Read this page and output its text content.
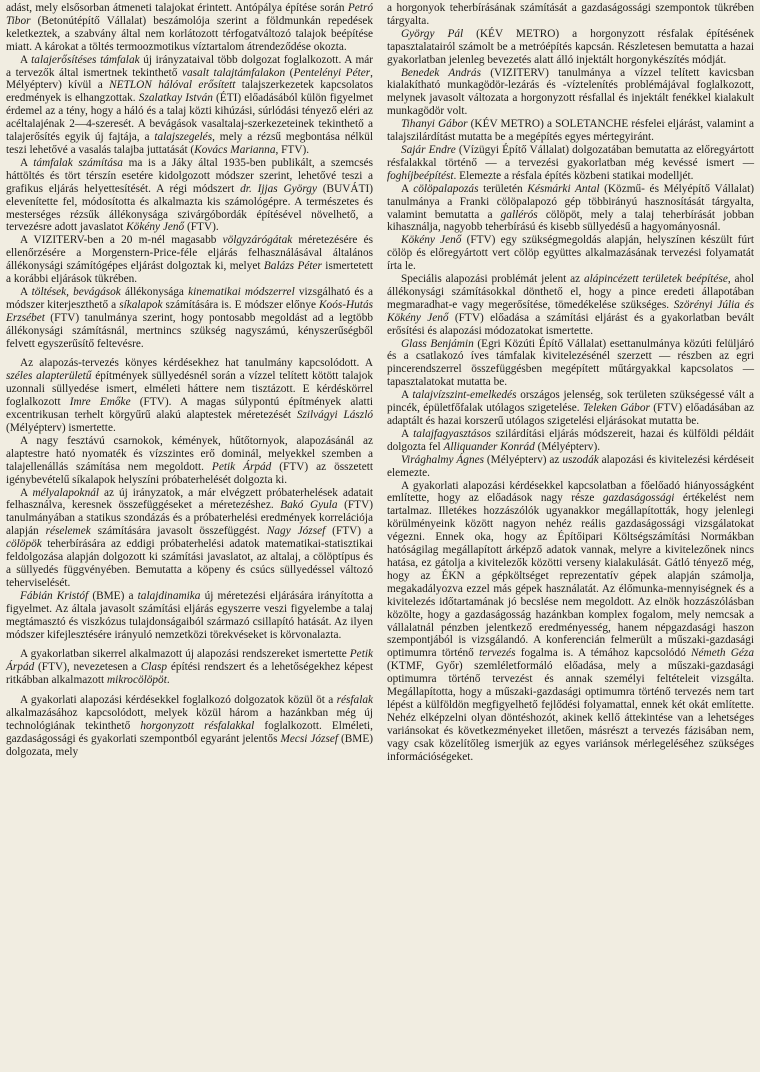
adást, mely elsősorban átmeneti talajokat érintett. Antópályа építése során Petró Tibor (Betonútépítő Vállalat) beszámolója szerint a földmunkán repedések keletkeztek, a szabvány által nem korlátozott térfogatváltozó talajok beépítése miatt. A károkat a töltés termoozmotikus víztartalom átrendeződése okozta.

A talajerősítéses támfalak új irányzataival több dolgozat foglalkozott. A már a tervezők által ismertnek tekinthető vasalt talajtámfalakon (Pentelényi Péter, Mélyépterv) kívül a NETLON hálóval erősített talajszerkezetek kapcsolatos eredmények is elhangzottak. Szalatkay István (ÉTI) előadásából külön figyelmet érdemel az a tény, hogy a háló és a talaj közti kihúzási, súrlódási tényező eléri az acéltalajénak 2—4-szeresét. A bevágások vasaltalaj-szerkezeteinek tekinthető a talajerősítés egyik új fajtája, a talajszegelés, mely a rézsű megbontása nélkül teszi lehetővé a vasalás talajba juttatását (Kovács Marianna, FTV).

A támfalak számítása ma is a Jáky által 1935-ben publikált, a szemcsés háttöltés és tört térszín esetére kidolgozott módszer szerint, lehetővé teszi a grafikus eljárás helyettesítését. A régi módszert dr. Ijjas György (BUVÁTI) elevenítette fel, módosította és alkalmazta kis számológépre. A természetes és mesterséges rézsűk állékonysága szivárgóbordák építésével növelhető, a tervezésre adott javaslatot Kökény Jenő (FTV).

A VIZITERV-ben a 20 m-nél magasabb völgyzárógátak méretezésére és ellenőrzésére a Morgenstern-Price-féle eljárás felhasználásával általános állékonysági számítógépes eljárást dolgoztak ki, melyet Balázs Péter ismertetett a korábbi eljárások tükrében.

A töltések, bevágások állékonysága kinematikai módszerrel vizsgálható és a módszer kiterjeszthető a síkalapok számítására is. E módszer előnye Koós-Hutás Erzsébet (FTV) tanulmánya szerint, hogy pontosabb megoldást ad a legtöbb állékonysági számításnál, mertnincs szükség nagyszámú, kényszerűségből felvett egyszerűsítő feltevésre.

Az alapozás-tervezés könyes kérdésekhez hat tanulmány kapcsolódott. A széles alapterületű építmények süllyedésnél során a vízzel telített kötött talajok uzonnali süllyedése ismert, elméleti háttere nem tisztázott. E kérdéskörrel foglalkozott Imre Emőke (FTV). A magas súlypontú építmények alatti excentrikusan terhelt körgyűrű alakú alaptestek méretezését Szilvágyi László (Mélyépterv) ismertette.

A nagy fesztávú csarnokok, kémények, hűtőtornyok, alapozásánál az alaptestre ható nyomaték és vízszintes erő dominál, melyekkel szemben a talajellenállás számítása nem megoldott. Petik Árpád (FTV) az összetett igénybevételű síkalapok helyszíni próbaterhelését dolgozta ki.

A mélyalapoknál az új irányzatok, a már elvégzett próbaterhelések adatait felhasználva, keresnek összefüggéseket a méretezéshez. Bakó Gyula (FTV) tanulmányában a statikus szondázás és a próbaterhelési eredmények korrelációja alapján réselemek számítására javasolt összefüggést. Nagy József (FTV) a cölöpök teherbírására az eddigi próbaterhelési adatok matematikai-statisztikai feldolgozása alapján dolgozott ki számítási javaslatot, az altalaj, a cölöptípus és a süllyedés függvényében. Bemutatta a köpeny és csúcs süllyedéssel változó teherviselését.

Fábián Kristóf (BME) a talajdinamika új méretezési eljárására irányította a figyelmet. Az általa javasolt számítási eljárás egyszerre veszi figyelembe a talaj megtámasztó és viszkózus tulajdonságaiból származó csillapító hatását. Az ilyen módszer kifejlesztésére irányuló nemzetközi törekvéseket is körvonalazta.

A gyakorlatban sikerrel alkalmazott új alapozási rendszereket ismertette Petik Árpád (FTV), nevezetesen a Clasp építési rendszert és a lehetőségekhez képest ritkábban alkalmazott mikrocölöpöt.

A gyakorlati alapozási kérdésekkel foglalkozó dolgozatok közül öt a résfalak alkalmazásához kapcsolódott, melyek közül három a hazánkban még új technológiának tekinthető horgonyzott résfalakkal foglalkozott. Elméleti, gazdaságossági és gyakorlati szempontból egyaránt jelentős Mecsi József (BME) dolgozata, mely

a horgonyok teherbírásának számítását a gazdaságossági szempontok tükrében tárgyalta.

György Pál (KÉV METRO) a horgonyzott résfalak építésének tapasztalatairól számolt be a metróépítés kapcsán. Részletesen bemutatta a hazai gyakorlatban jelenleg bevezetés alatt álló injektált horgonykészítés módját.

Benedek András (VIZITERV) tanulmánya a vízzel telített kavicsban kialakítható munkagödör-lezárás és -víztelenítés problémájával foglalkozott, melynek javasolt változata a horgonyzott résfallal és injektált fenékkel kialakult munkagödör volt.

Tihanyi Gábor (KÉV METRO) a SOLETANCHE résfelei eljárást, valamint a talajszilárdítást mutatta be a megépítés egyes mértegyiránt.

Sajár Endre (Vízügyi Építő Vállalat) dolgozatában bemutatta az előregyártott résfalakkal történő — a tervezési gyakorlatban még kevéssé ismert — foghíjbeépítést. Elemezte a résfala építés közbeni statikai modelljét.

A cölöpalapozás területén Késmárki Antal (Közmű- és Mélyépítő Vállalat) tanulmánya a Franki cölöpalapozó gép többirányú hasznosítását tárgyalta, valamint bemutatta a gallérós cölöpöt, mely a talaj teherbírását jobban kihasználja, nagyobb teherbírású és kisebb süllyedésű a hagyományosnál.

Kökény Jenő (FTV) egy szükségmegoldás alapján, helyszínen készült fúrt cölöp és előregyártott vert cölöp együttes alkalmazásának tervezési folyamatát írta le.

Speciális alapozási problémát jelent az alápincézett területek beépítése, ahol állékonysági számításokkal dönthető el, hogy a pince eredeti állapotában megmaradhat-e vagy megerősítése, tömedékelése szükséges. Szörényi Júlia és Kökény Jenő (FTV) előadása a számítási eljárást és a gyakorlatban bevált erősítési és alapozási módozatokat ismertette.

Glass Benjámin (Egri Közúti Építő Vállalat) esettanulmánya közúti felüljáró és a csatlakozó íves támfalak kivitelezésénél szerzett — részben az egri pincerendszerrel összefüggésben megépített műtárgyakkal kapcsolatos — tapasztalatokat mutatta be.

A talajvízszint-emelkedés országos jelenség, sok területen szükségessé vált a pincék, épületfőfalak utólagos szigetelése. Teleken Gábor (FTV) előadásában az adaptált és hazai korszerű utólagos szigetelési eljárásokat mutatta be.

A talajfagyasztásos szilárdítási eljárás módszereit, hazai és külföldi példáit dolgozta fel Alliquander Konrád (Mélyépterv).

Virághalmy Ágnes (Mélyépterv) az uszodák alapozási és kivitelezési kérdéseit elemezte.

A gyakorlati alapozási kérdésekkel kapcsolatban a főelőadó hiányosságként említette, hogy az előadások nagy része gazdaságossági értékelést nem tartalmaz. Illetékes hozzászólók ugyanakkor megállapították, hogy jelenlegi körülményeink között nagyon nehéz reális gazdaságossági vizsgálatokat végezni. Ennek oka, hogy az Építőipari Költségszámítási Normákban hatóságilag megállapított árképző adatok vannak, melyre a kivitelezőnek nincs hatása, ez gátolja a kivitelezők közötti verseny kialakulását. Gátló tényező még, hogy az ÉKN a gépköltséget reprezentatív gépek alapján számolja, megakadályozva ezzel más gépek használatát. Az élőmunka-mennyiségnek és a kivitelezés időtartamának jó becslése nem megoldott. Az elnök hozzászólásban közölte, hogy a gazdaságosság hazánkban komplex fogalom, mely nemcsak a vállalatnál pénzben jelentkező eredményesség, hanem népgazdasági haszon szempontjából is vizsgálandó. A konferencián felmerült a műszaki-gazdasági optimumra történő tervezés fogalma is. A témához kapcsolódó Németh Géza (KTMF, Győr) szemléletformáló előadása, mely a műszaki-gazdasági optimumra történő tervezést és annak személyi feltételeit vizsgálta. Megállapította, hogy a műszaki-gazdasági optimumra történő tervezés nem tart lépést a külföldön megfigyelhető fejlődési folyamattal, ennek két okát említette. Nehéz elképzelni olyan döntéshozót, akinek kellő áttekintése van a lehetséges variánsokat és következményeket illetően, másrészt a tervezés fázisában nem, vagy csak közelítőleg ismerjük az egyes variánsok mérlegeléséhez szükséges információségeket.
